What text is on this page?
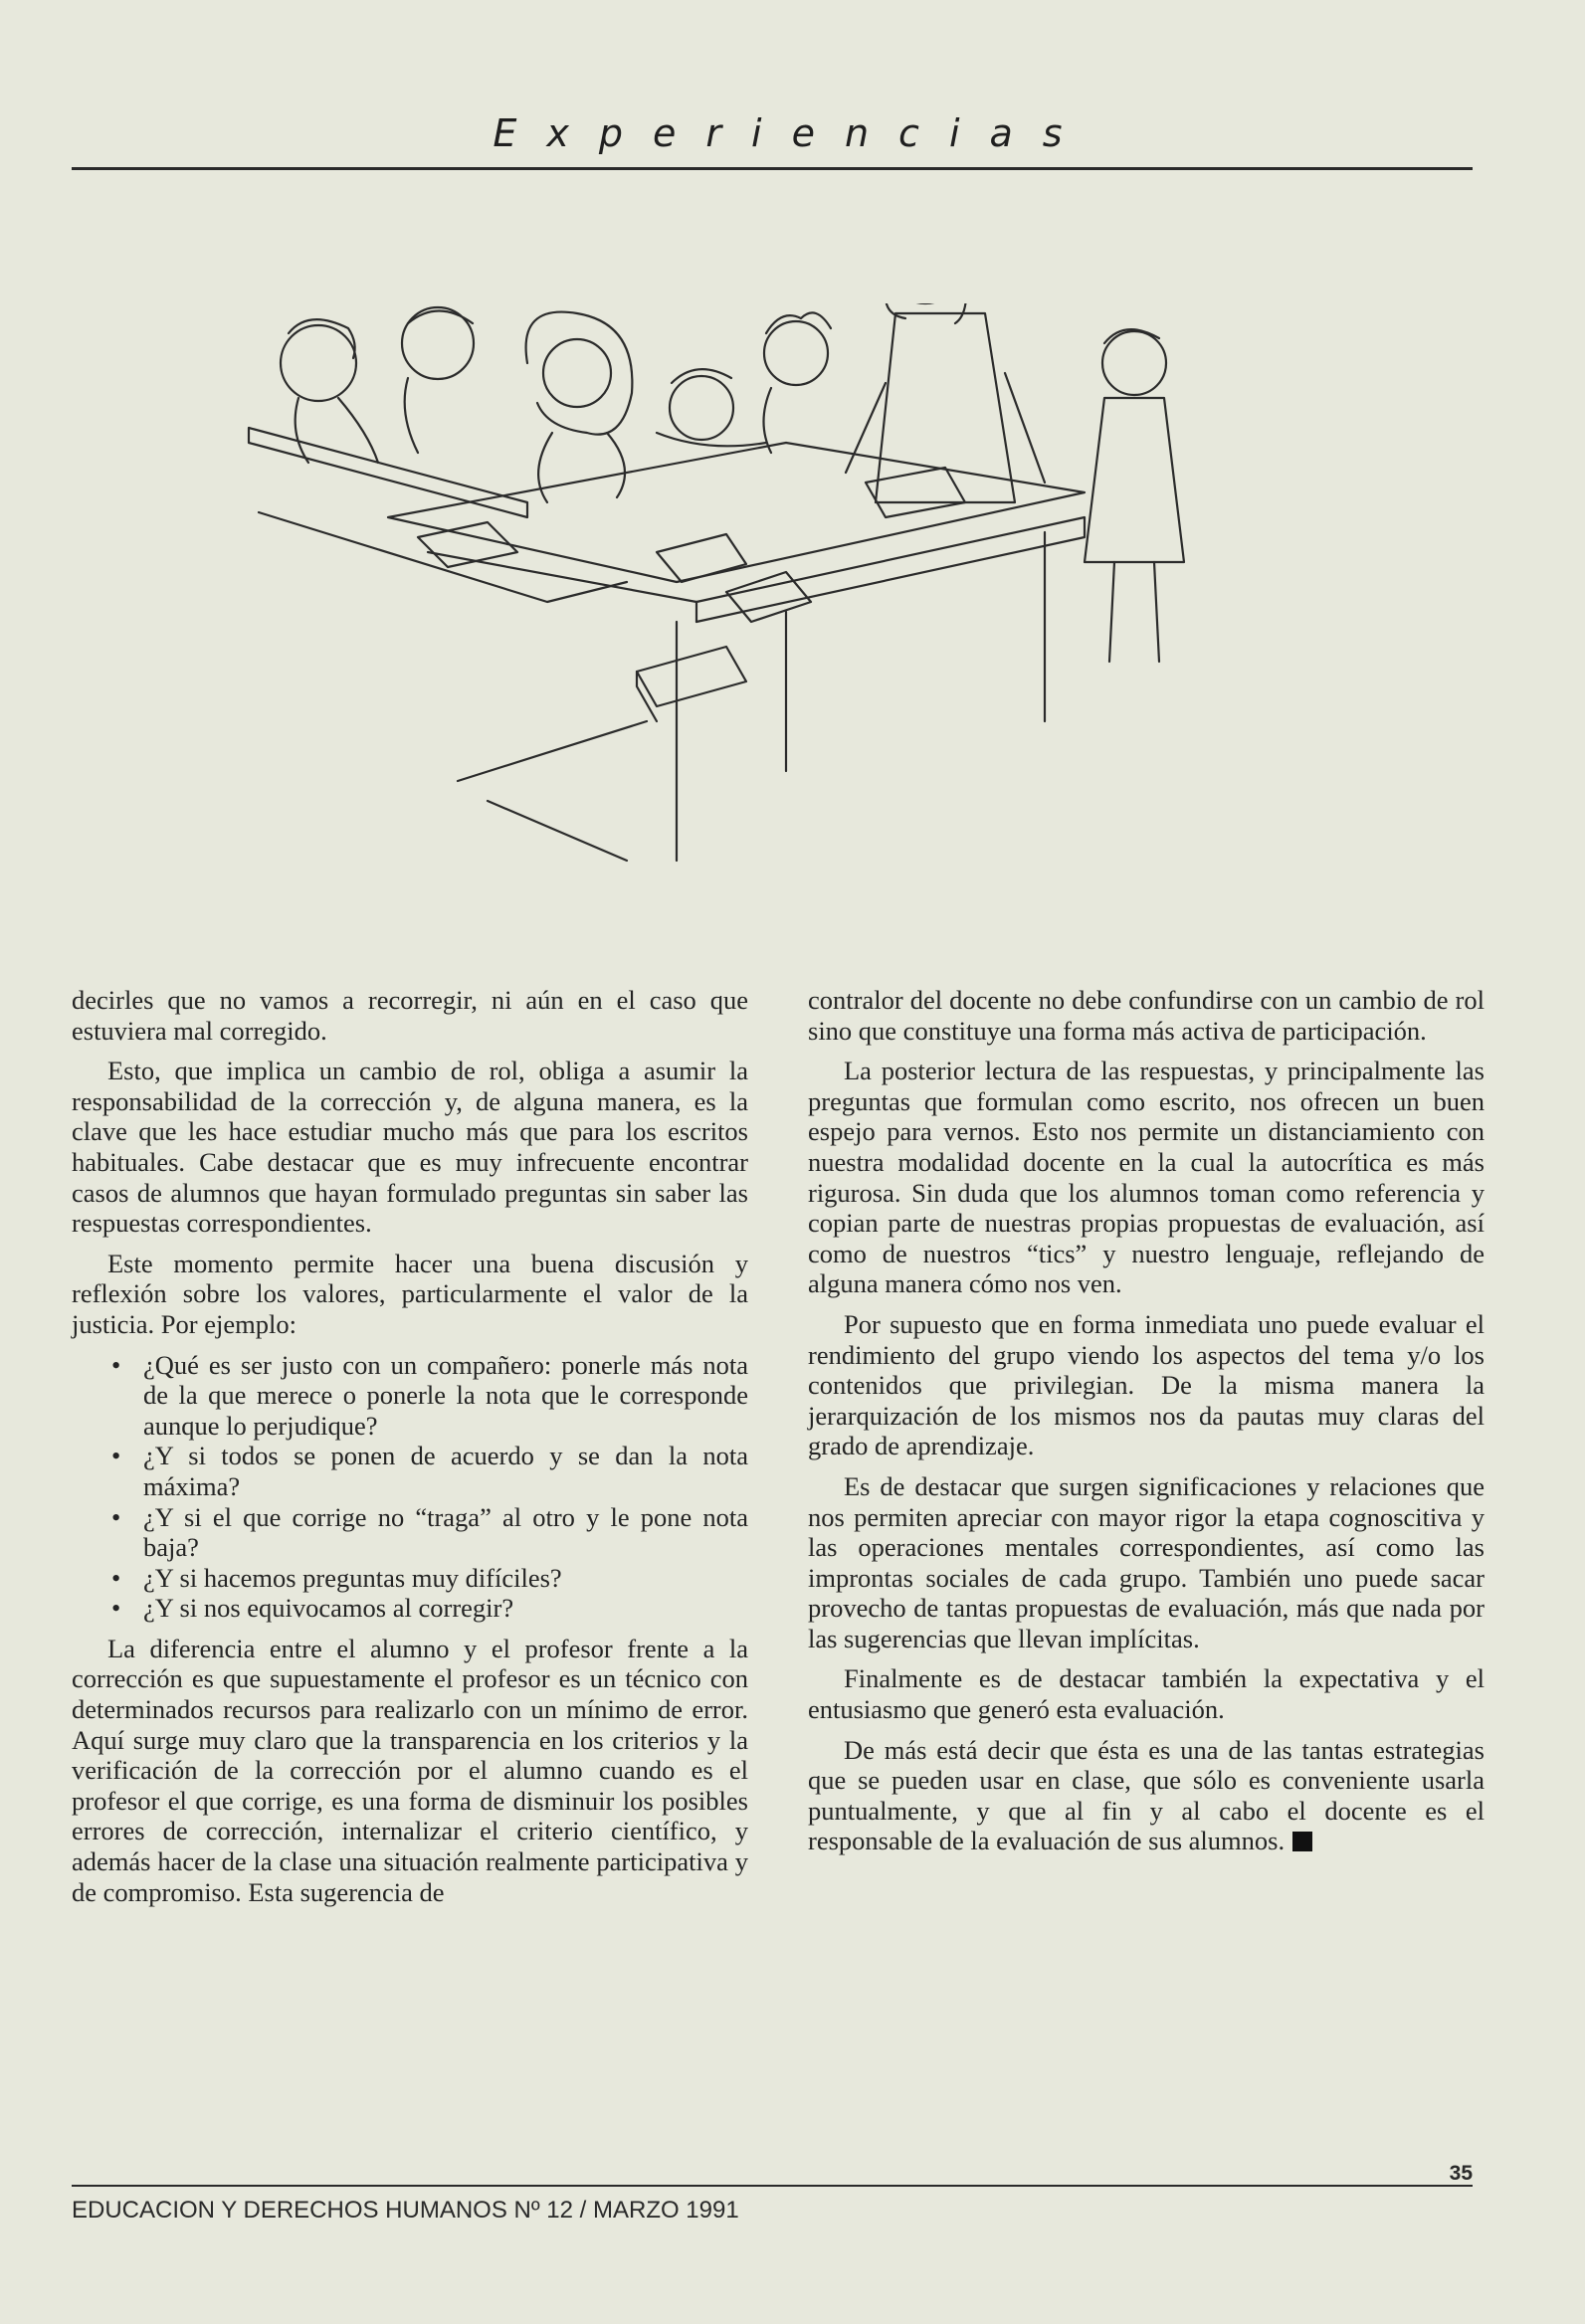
Experiencias

decirles que no vamos a recorregir, ni aún en el caso que estuviera mal corregido.

Esto, que implica un cambio de rol, obliga a asumir la responsabilidad de la corrección y, de alguna manera, es la clave que les hace estudiar mucho más que para los escritos habituales. Cabe destacar que es muy infrecuente encontrar casos de alumnos que hayan formulado preguntas sin saber las respuestas correspondientes.

Este momento permite hacer una buena discusión y reflexión sobre los valores, particularmente el valor de la justicia. Por ejemplo:

• ¿Qué es ser justo con un compañero: ponerle más nota de la que merece o ponerle la nota que le corresponde aunque lo perjudique?
• ¿Y si todos se ponen de acuerdo y se dan la nota máxima?
• ¿Y si el que corrige no “traga” al otro y le pone nota baja?
• ¿Y si hacemos preguntas muy difíciles?
• ¿Y si nos equivocamos al corregir?

La diferencia entre el alumno y el profesor frente a la corrección es que supuestamente el profesor es un técnico con determinados recursos para realizarlo con un mínimo de error. Aquí surge muy claro que la transparencia en los criterios y la verificación de la corrección por el alumno cuando es el profesor el que corrige, es una forma de disminuir los posibles errores de corrección, internalizar el criterio científico, y además hacer de la clase una situación realmente participativa y de compromiso. Esta sugerencia de

contralor del docente no debe confundirse con un cambio de rol sino que constituye una forma más activa de participación.

La posterior lectura de las respuestas, y principalmente las preguntas que formulan como escrito, nos ofrecen un buen espejo para vernos. Esto nos permite un distanciamiento con nuestra modalidad docente en la cual la autocrítica es más rigurosa. Sin duda que los alumnos toman como referencia y copian parte de nuestras propias propuestas de evaluación, así como de nuestros “tics” y nuestro lenguaje, reflejando de alguna manera cómo nos ven.

Por supuesto que en forma inmediata uno puede evaluar el rendimiento del grupo viendo los aspectos del tema y/o los contenidos que privilegian. De la misma manera la jerarquización de los mismos nos da pautas muy claras del grado de aprendizaje.

Es de destacar que surgen significaciones y relaciones que nos permiten apreciar con mayor rigor la etapa cognoscitiva y las operaciones mentales correspondientes, así como las improntas sociales de cada grupo. También uno puede sacar provecho de tantas propuestas de evaluación, más que nada por las sugerencias que llevan implícitas.

Finalmente es de destacar también la expectativa y el entusiasmo que generó esta evaluación.

De más está decir que ésta es una de las tantas estrategias que se pueden usar en clase, que sólo es conveniente usarla puntualmente, y que al fin y al cabo el docente es el responsable de la evaluación de sus alumnos.

EDUCACION Y DERECHOS HUMANOS Nº 12 / MARZO 1991
35
